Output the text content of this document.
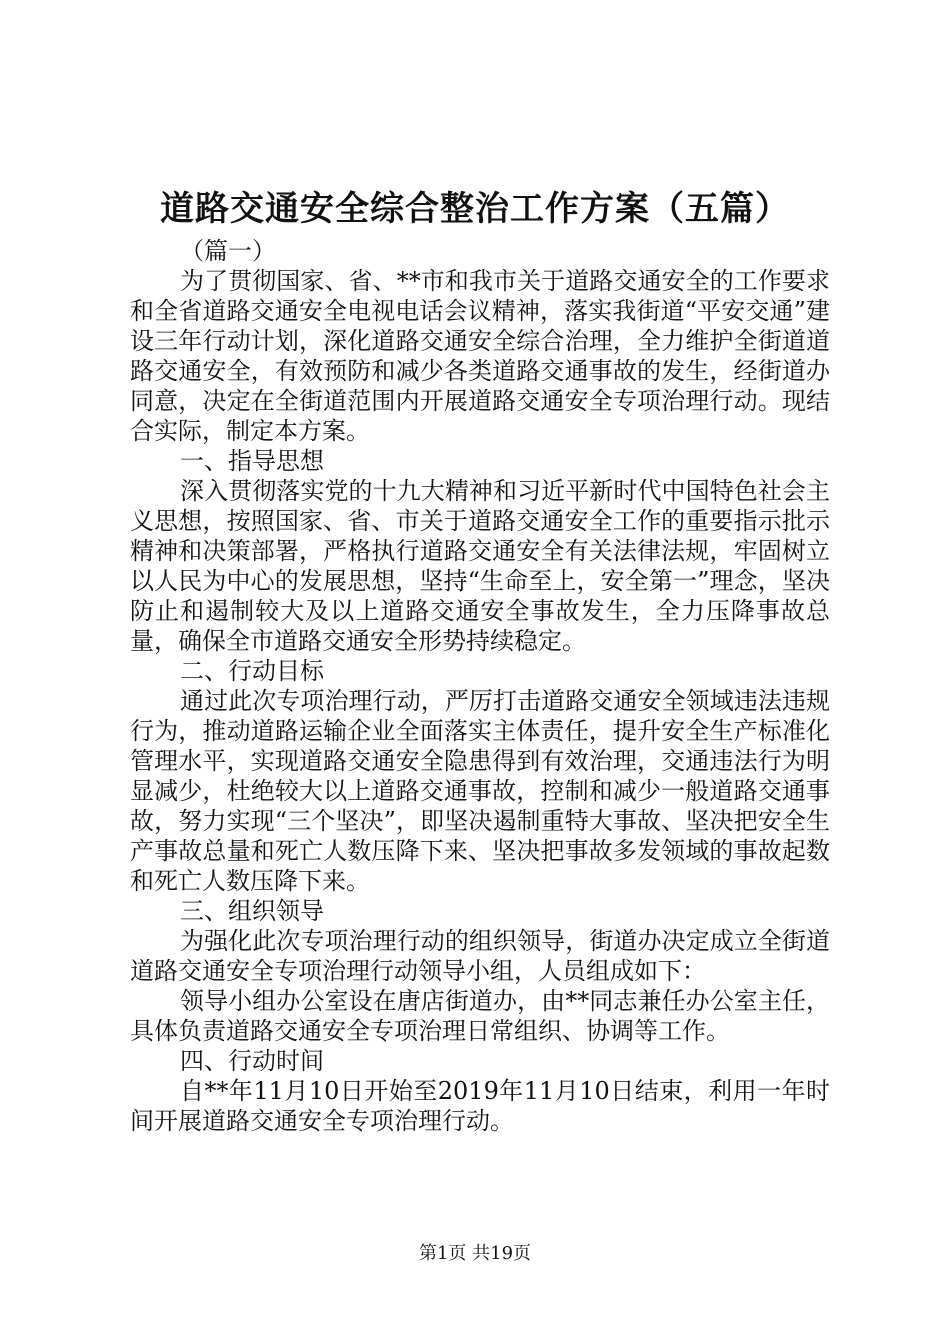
道路交通安全综合整治工作方案（五篇）

（篇一）

为了贯彻国家、省、**市和我市关于道路交通安全的工作要求和全省道路交通安全电视电话会议精神，落实我街道“平安交通”建设三年行动计划，深化道路交通安全综合治理，全力维护全街道道路交通安全，有效预防和减少各类道路交通事故的发生，经街道办同意，决定在全街道范围内开展道路交通安全专项治理行动。现结合实际，制定本方案。

一、指导思想

深入贯彻落实党的十九大精神和习近平新时代中国特色社会主义思想，按照国家、省、市关于道路交通安全工作的重要指示批示精神和决策部署，严格执行道路交通安全有关法律法规，牢固树立以人民为中心的发展思想，坚持“生命至上，安全第一”理念，坚决防止和遏制较大及以上道路交通安全事故发生，全力压降事故总量，确保全市道路交通安全形势持续稳定。

二、行动目标

通过此次专项治理行动，严厉打击道路交通安全领域违法违规行为，推动道路运输企业全面落实主体责任，提升安全生产标准化管理水平，实现道路交通安全隐患得到有效治理，交通违法行为明显减少，杜绝较大以上道路交通事故，控制和减少一般道路交通事故，努力实现“三个坚决”，即坚决遏制重特大事故、坚决把安全生产事故总量和死亡人数压降下来、坚决把事故多发领域的事故起数和死亡人数压降下来。

三、组织领导

为强化此次专项治理行动的组织领导，街道办决定成立全街道道路交通安全专项治理行动领导小组，人员组成如下：

领导小组办公室设在唐店街道办，由**同志兼任办公室主任，具体负责道路交通安全专项治理日常组织、协调等工作。

四、行动时间

自**年11月10日开始至2019年11月10日结束，利用一年时间开展道路交通安全专项治理行动。

第1页 共19页
